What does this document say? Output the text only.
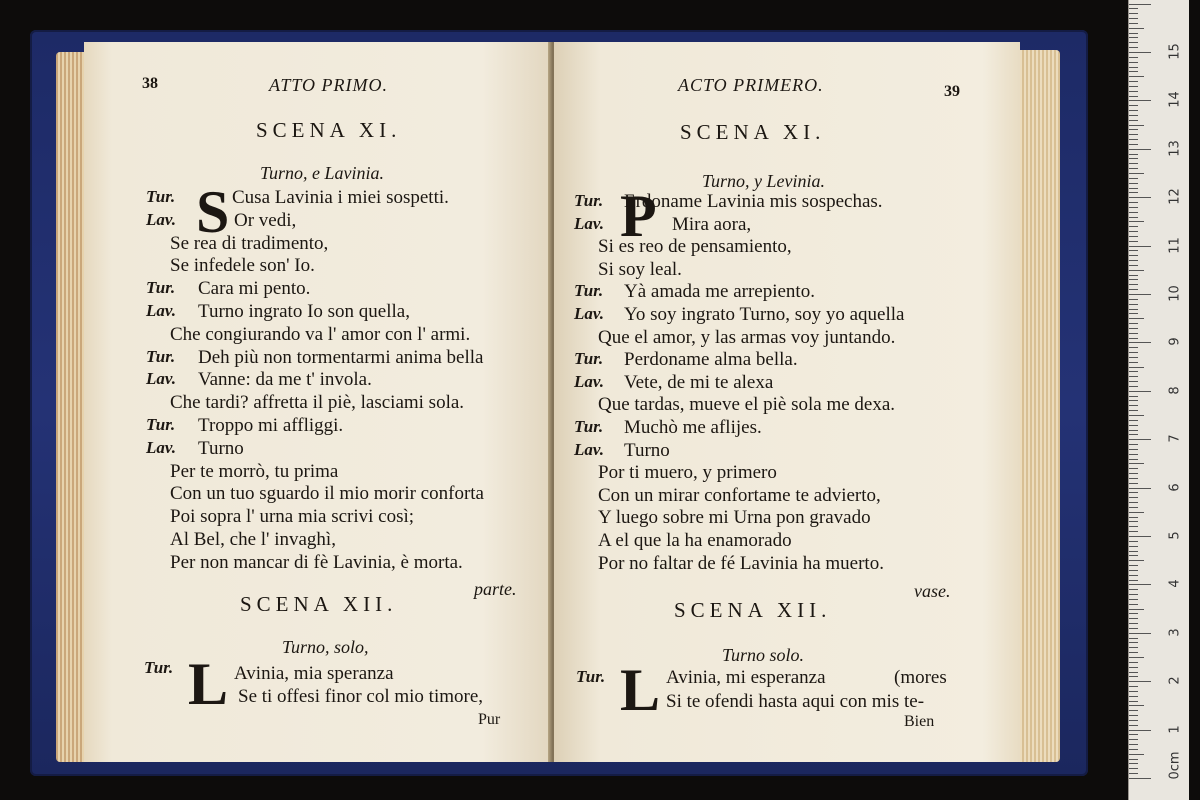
38	ATTO PRIMO.
SCENA XI.
Turno, e Lavinia.
S
Tur.	Cusa Lavinia i miei sospetti.
Lav.	Or vedi,
Se rea di tradimento,
Se infedele son' Io.
Tur. Cara mi pento.
Lav. Turno ingrato Io son quella,
Che congiurando va l' amor con l' armi.
Tur. Deh più non tormentarmi anima bella
Lav. Vanne: da me t' invola.
Che tardi? affretta il piè, lasciami sola.
Tur. Troppo mi affliggi.
Lav. Turno
Per te morrò, tu prima
Con un tuo sguardo il mio morir conforta
Poi sopra l' urna mia scrivi così;
Al Bel, che l' invaghì,
Per non mancar di fè Lavinia, è morta.
parte.
SCENA XII.
Turno, solo,
Tur. L Avinia, mia speranza
Se ti offesi finor col mio timore,
Pur
ACTO PRIMERO.	39
SCENA XI.
Turno, y Levinia.
P
Tur. Erdoname Lavinia mis sospechas.
Lav.	Mira aora,
Si es reo de pensamiento,
Si soy leal.
Tur. Yà amada me arrepiento.
Lav. Yo soy ingrato Turno, soy yo aquella
Que el amor, y las armas voy juntando.
Tur. Perdoname alma bella.
Lav. Vete, de mi te alexa
Que tardas, mueve el piè sola me dexa.
Tur. Muchò me aflijes.
Lav. Turno
Por ti muero, y primero
Con un mirar confortame te advierto,
Y luego sobre mi Urna pon gravado
A el que la ha enamorado
Por no faltar de fé Lavinia ha muerto.
vase.
SCENA XII.
Turno solo.
Tur. L Avinia, mi esperanza	(mores
Si te ofendi hasta aqui con mis te-
Bien
0cm
1
2
3
4
5
6
7
8
9
10
11
12
13
14
15
